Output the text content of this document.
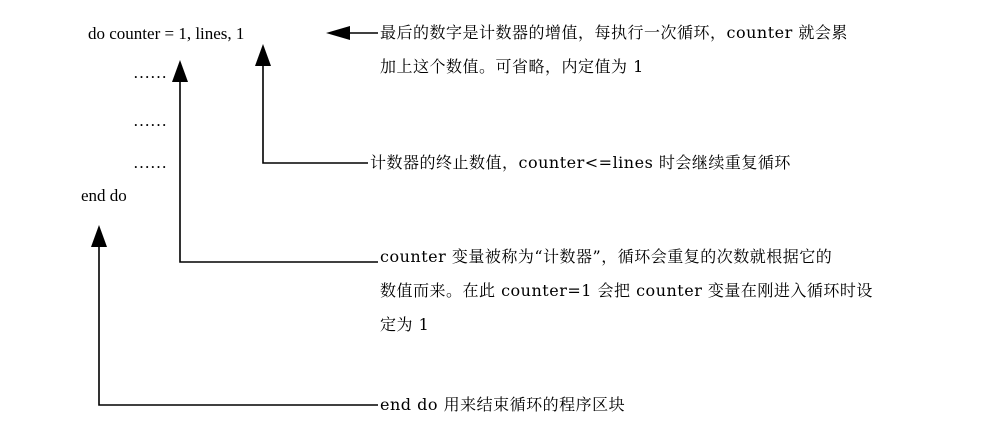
do counter = 1, lines, 1
……
……
……
end do
最后的数字是计数器的增值，每执行一次循环，counter 就会累
加上这个数值。可省略，内定值为 1
计数器的终止数值，counter<=lines 时会继续重复循环
counter 变量被称为“计数器”，循环会重复的次数就根据它的
数值而来。在此 counter=1 会把 counter 变量在刚进入循环时设
定为 1
end do 用来结束循环的程序区块
